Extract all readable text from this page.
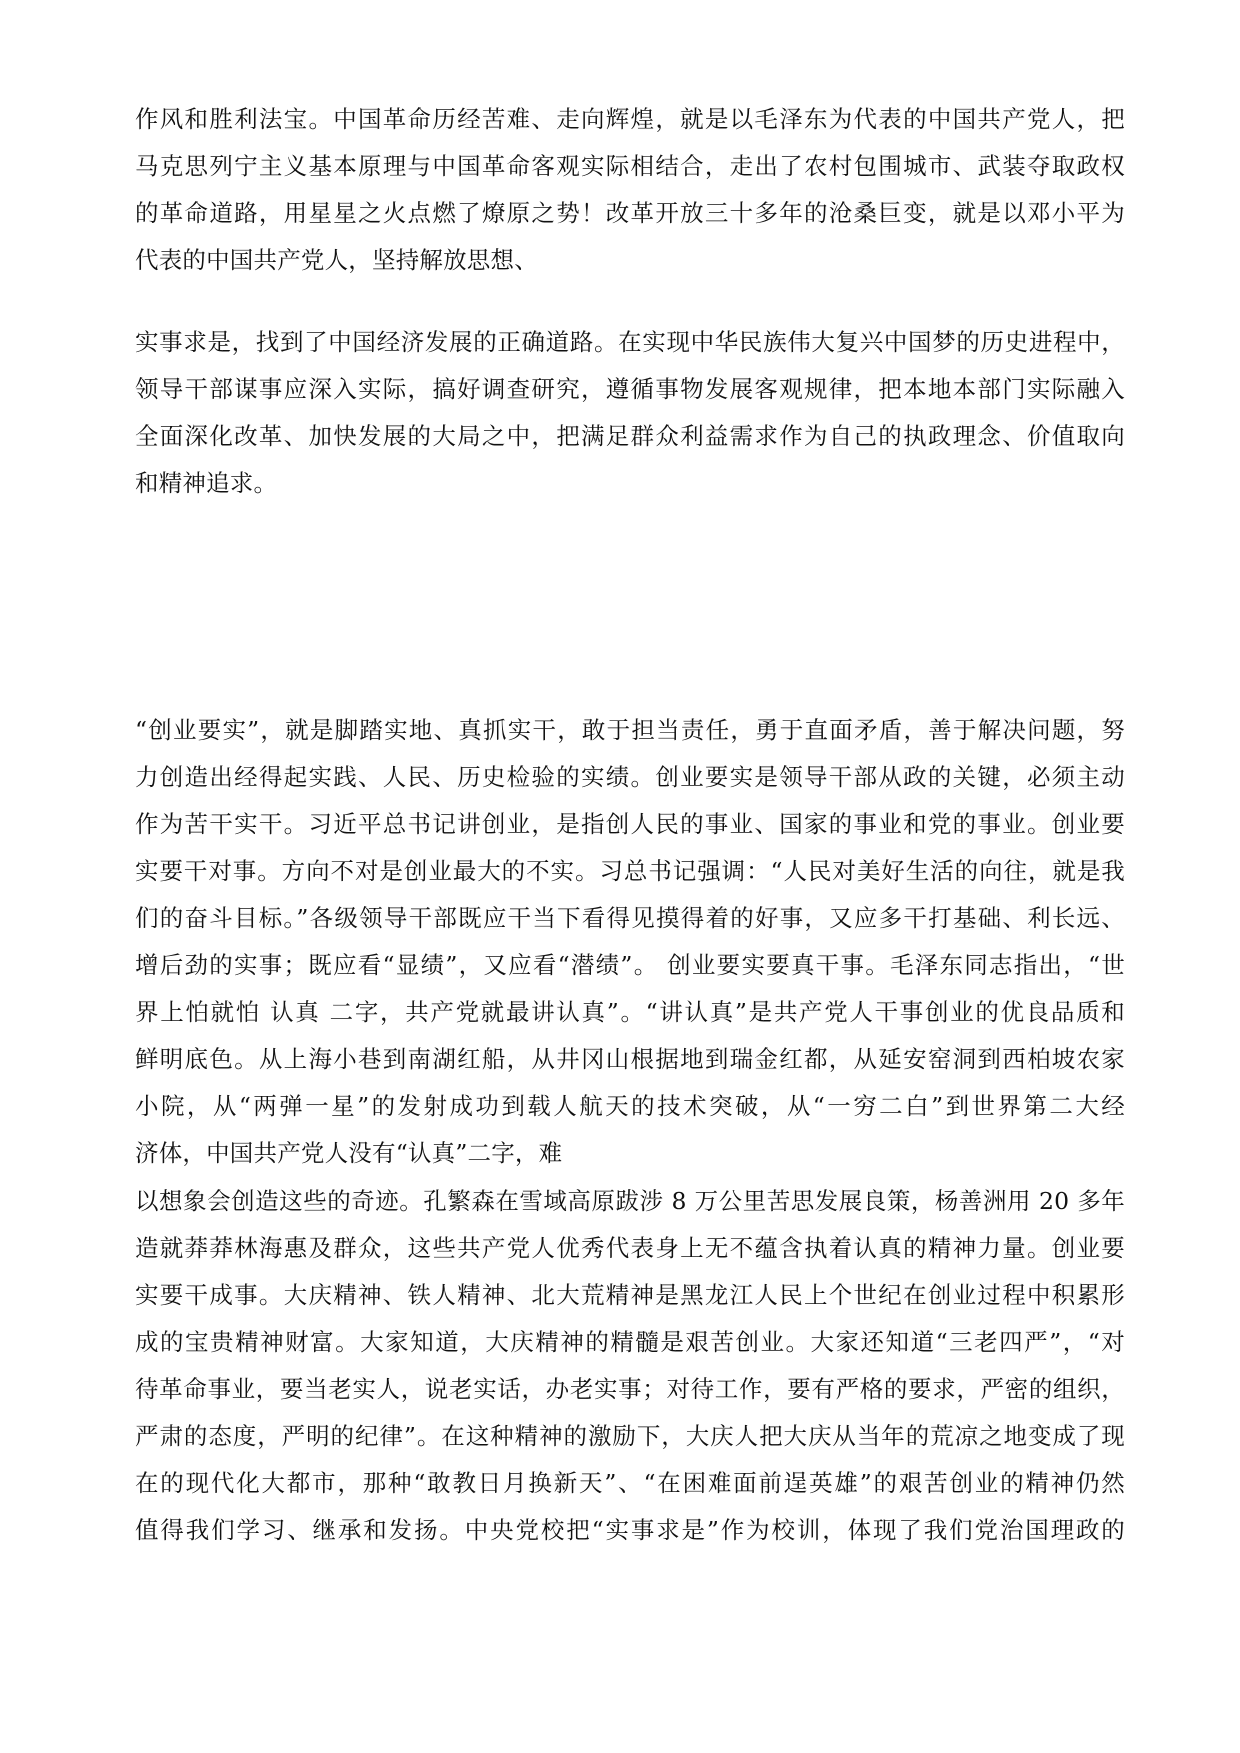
作风和胜利法宝。中国革命历经苦难、走向辉煌，就是以毛泽东为代表的中国共产党人，把
马克思列宁主义基本原理与中国革命客观实际相结合，走出了农村包围城市、武装夺取政权
的革命道路，用星星之火点燃了燎原之势！改革开放三十多年的沧桑巨变，就是以邓小平为
代表的中国共产党人，坚持解放思想、
实事求是，找到了中国经济发展的正确道路。在实现中华民族伟大复兴中国梦的历史进程中，
领导干部谋事应深入实际，搞好调查研究，遵循事物发展客观规律，把本地本部门实际融入
全面深化改革、加快发展的大局之中，把满足群众利益需求作为自己的执政理念、价值取向
和精神追求。
“创业要实”，就是脚踏实地、真抓实干，敢于担当责任，勇于直面矛盾，善于解决问题，努
力创造出经得起实践、人民、历史检验的实绩。创业要实是领导干部从政的关键，必须主动
作为苦干实干。习近平总书记讲创业，是指创人民的事业、国家的事业和党的事业。创业要
实要干对事。方向不对是创业最大的不实。习总书记强调：“人民对美好生活的向往，就是我
们的奋斗目标。”各级领导干部既应干当下看得见摸得着的好事，又应多干打基础、利长远、
增后劲的实事；既应看“显绩”，又应看“潜绩”。 创业要实要真干事。毛泽东同志指出，“世
界上怕就怕 认真 二字，共产党就最讲认真”。“讲认真”是共产党人干事创业的优良品质和
鲜明底色。从上海小巷到南湖红船，从井冈山根据地到瑞金红都，从延安窑洞到西柏坡农家
小院，从“两弹一星”的发射成功到载人航天的技术突破，从“一穷二白”到世界第二大经
济体，中国共产党人没有“认真”二字，难
以想象会创造这些的奇迹。孔繁森在雪域高原跋涉 8 万公里苦思发展良策，杨善洲用 20 多年
造就莽莽林海惠及群众，这些共产党人优秀代表身上无不蕴含执着认真的精神力量。创业要
实要干成事。大庆精神、铁人精神、北大荒精神是黑龙江人民上个世纪在创业过程中积累形
成的宝贵精神财富。大家知道，大庆精神的精髓是艰苦创业。大家还知道“三老四严”，“对
待革命事业，要当老实人，说老实话，办老实事；对待工作，要有严格的要求，严密的组织，
严肃的态度，严明的纪律”。在这种精神的激励下，大庆人把大庆从当年的荒凉之地变成了现
在的现代化大都市，那种“敢教日月换新天”、“在困难面前逞英雄”的艰苦创业的精神仍然
值得我们学习、继承和发扬。中央党校把“实事求是”作为校训，体现了我们党治国理政的
